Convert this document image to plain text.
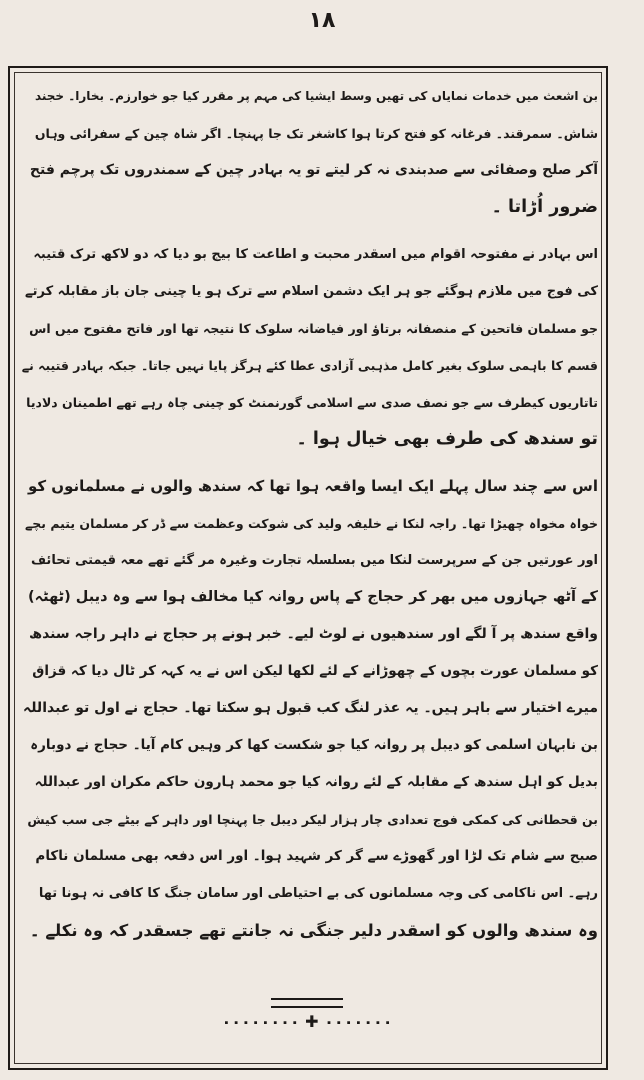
۱۸
بن اشعث میں خدمات نمایاں کی تھیں وسط ایشیا کی مہم پر مقرر کیا جو خوارزم۔ بخارا۔ خجند
شاش۔ سمرقند۔ فرغانہ کو فتح کرتا ہوا کاشغر تک جا پہنچا۔ اگر شاہ چین کے سفرائی وہاں
آکر صلح وصفائی سے صدبندی نہ کر لیتے تو یہ بہادر چین کے سمندروں تک پرچم فتح
ضرور اُڑاتا ۔
اس بہادر نے مفتوحہ اقوام میں اسقدر محبت و اطاعت کا بیج بو دیا کہ دو لاکھ ترک قتیبہ
کی فوج میں ملازم ہوگئے جو ہر ایک دشمن اسلام سے ترک ہو یا چینی جان باز مقابلہ کرتے
جو مسلمان فاتحین کے منصفانہ برتاؤ اور فیاضانہ سلوک کا نتیجہ تھا اور فاتح مفتوح میں اس
قسم کا باہمی سلوک بغیر کامل مذہبی آزادی عطا کئے ہرگز پایا نہیں جاتا۔ جبکہ بہادر قتیبہ نے
تاتاریوں کیطرف سے جو نصف صدی سے اسلامی گورنمنٹ کو چینی چاہ رہے تھے اطمینان دلادیا
تو سندھ کی طرف بھی خیال ہوا ۔
اس سے چند سال پہلے ایک ایسا واقعہ ہوا تھا کہ سندھ والوں نے مسلمانوں کو
خواہ مخواہ چھیڑا تھا۔ راجہ لنکا نے خلیفہ ولید کی شوکت وعظمت سے ڈر کر مسلمان یتیم بچے
اور عورتیں جن کے سرپرست لنکا میں بسلسلہ تجارت وغیرہ مر گئے تھے معہ قیمتی تحائف
کے آٹھ جہازوں میں بھر کر حجاج کے پاس روانہ کیا مخالف ہوا سے وہ دیبل (ٹھٹہ)
واقع سندھ پر آ لگے اور سندھیوں نے لوٹ لیے۔ خبر ہونے پر حجاج نے داہر راجہ سندھ
کو مسلمان عورت بچوں کے چھوڑانے کے لئے لکھا لیکن اس نے یہ کہہ کر ٹال دیا کہ قزاق
میرے اختیار سے باہر ہیں۔ یہ عذر لنگ کب قبول ہو سکتا تھا۔ حجاج نے اول تو عبداللہ
بن نابہان اسلمی کو دیبل پر روانہ کیا جو شکست کھا کر وہیں کام آیا۔ حجاج نے دوبارہ
بدیل کو اہل سندھ کے مقابلہ کے لئے روانہ کیا جو محمد ہارون حاکم مکران اور عبداللہ
بن قحطانی کی کمکی فوج تعدادی چار ہزار لیکر دیبل جا پہنچا اور داہر کے بیٹے جی سب کیش
صبح سے شام تک لڑا اور گھوڑے سے گر کر شہید ہوا۔ اور اس دفعہ بھی مسلمان ناکام
رہے۔ اس ناکامی کی وجہ مسلمانوں کی بے احتیاطی اور سامان جنگ کا کافی نہ ہونا تھا
وہ سندھ والوں کو اسقدر دلیر جنگی نہ جانتے تھے جسقدر کہ وہ نکلے ۔
۰۰۰۰۰۰۰۰ ✚ ۰۰۰۰۰۰۰
